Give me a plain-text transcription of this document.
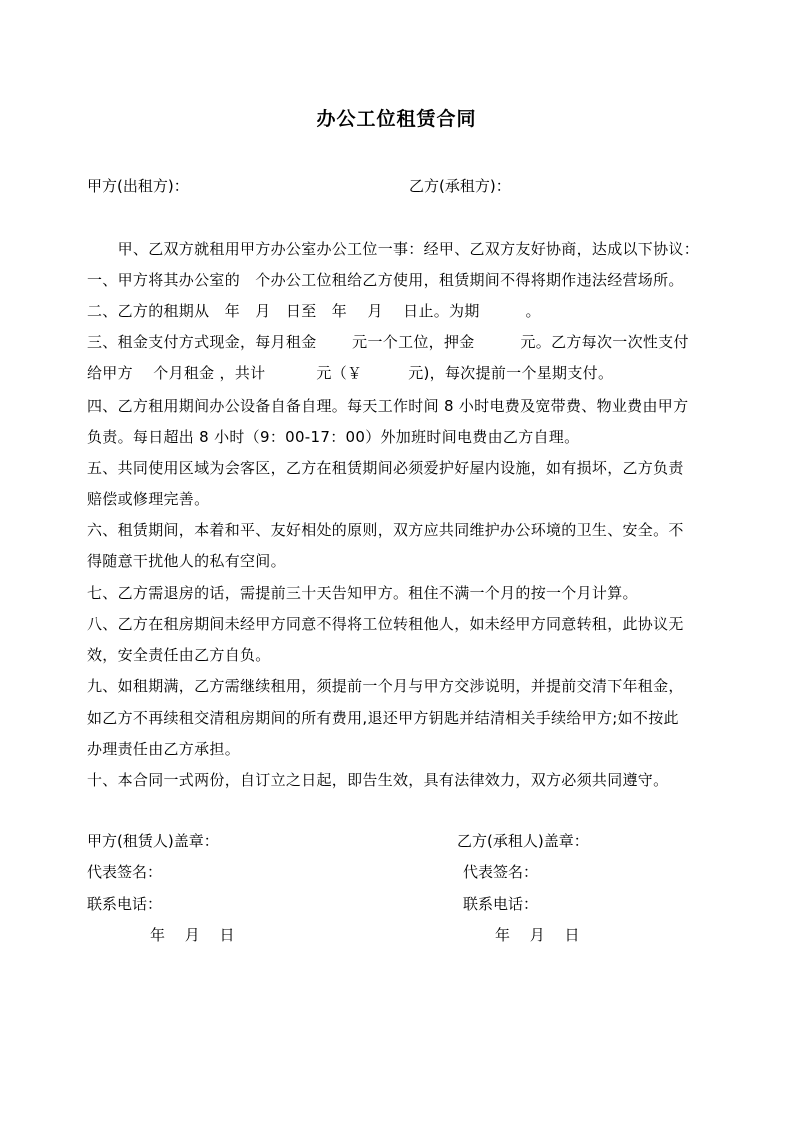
办公工位租赁合同
甲方(出租方)：	乙方(承租方)：
　　甲、乙双方就租用甲方办公室办公工位一事：经甲、乙双方友好协商，达成以下协议：
一、甲方将其办公室的　个办公工位租给乙方使用，租赁期间不得将期作违法经营场所。
二、乙方的租期从　年　月　日至　年　 月　 日止。为期　　　。
三、租金支付方式现金，每月租金　　 元一个工位，押金　　　元。乙方每次一次性支付
给甲方　 个月租金 ，共计　　　 元（￥　　　元)，每次提前一个星期支付。
四、乙方租用期间办公设备自备自理。每天工作时间 8 小时电费及宽带费、物业费由甲方
负责。每日超出 8 小时（9：00-17：00）外加班时间电费由乙方自理。
五、共同使用区域为会客区，乙方在租赁期间必须爱护好屋内设施，如有损坏，乙方负责
赔偿或修理完善。
六、租赁期间，本着和平、友好相处的原则，双方应共同维护办公环境的卫生、安全。不
得随意干扰他人的私有空间。
七、乙方需退房的话，需提前三十天告知甲方。租住不满一个月的按一个月计算。
八、乙方在租房期间未经甲方同意不得将工位转租他人，如未经甲方同意转租，此协议无
效，安全责任由乙方自负。
九、如租期满，乙方需继续租用，须提前一个月与甲方交涉说明，并提前交清下年租金，
如乙方不再续租交清租房期间的所有费用,退还甲方钥匙并结清相关手续给甲方;如不按此
办理责任由乙方承担。
十、本合同一式两份，自订立之日起，即告生效，具有法律效力，双方必须共同遵守。
甲方(租赁人)盖章：
代表签名：
联系电话：
年　 月　 日
乙方(承租人)盖章：
代表签名：
联系电话：
年　 月　 日
